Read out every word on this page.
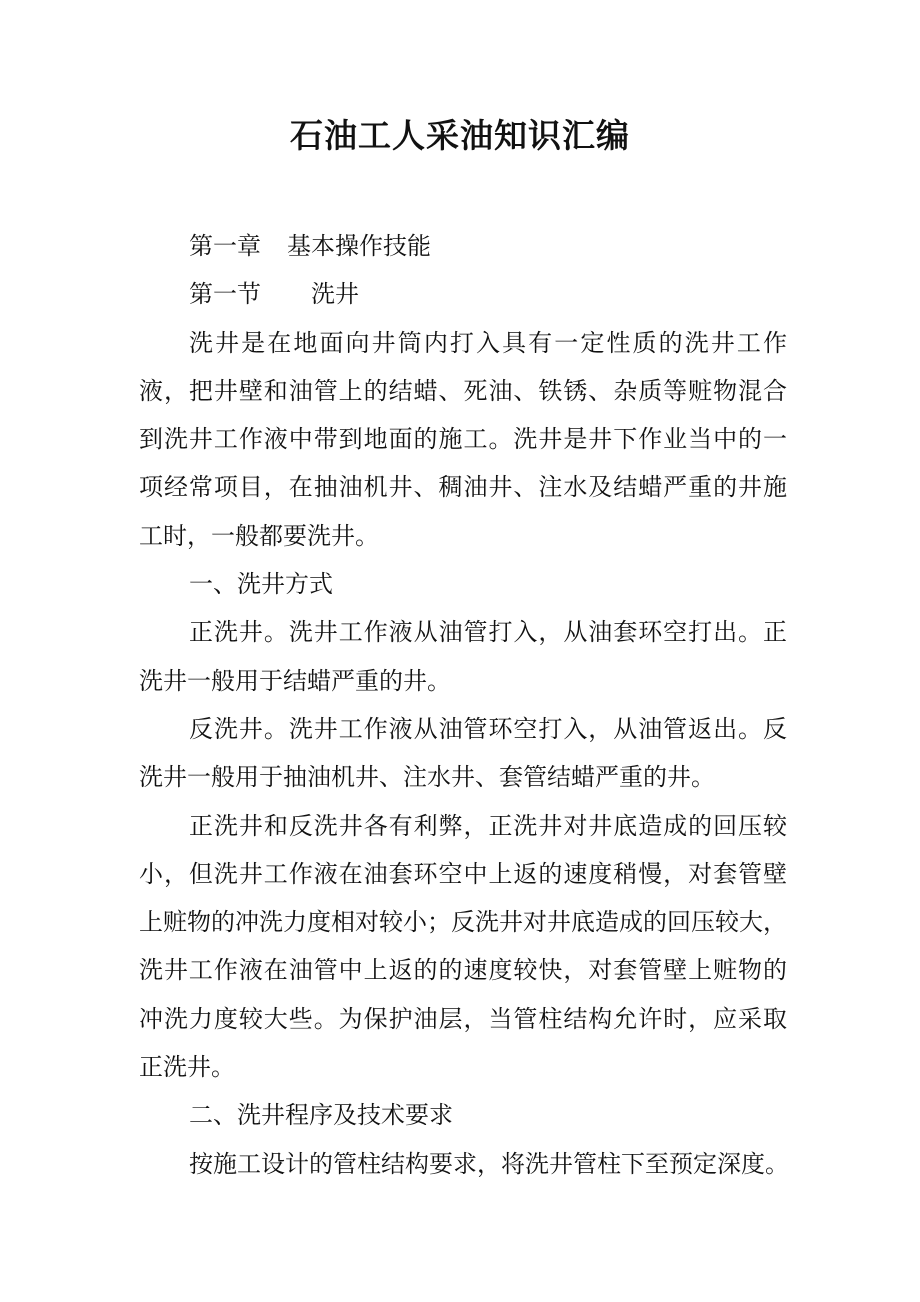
石油工人采油知识汇编

第一章 基本操作技能

第一节 洗井

洗井是在地面向井筒内打入具有一定性质的洗井工作

液，把井壁和油管上的结蜡、死油、铁锈、杂质等赃物混合

到洗井工作液中带到地面的施工。洗井是井下作业当中的一

项经常项目，在抽油机井、稠油井、注水及结蜡严重的井施

工时，一般都要洗井。

一、洗井方式

正洗井。洗井工作液从油管打入，从油套环空打出。正

洗井一般用于结蜡严重的井。

反洗井。洗井工作液从油管环空打入，从油管返出。反

洗井一般用于抽油机井、注水井、套管结蜡严重的井。

正洗井和反洗井各有利弊，正洗井对井底造成的回压较

小，但洗井工作液在油套环空中上返的速度稍慢，对套管壁

上赃物的冲洗力度相对较小；反洗井对井底造成的回压较大，

洗井工作液在油管中上返的的速度较快，对套管壁上赃物的

冲洗力度较大些。为保护油层，当管柱结构允许时，应采取

正洗井。

二、洗井程序及技术要求

按施工设计的管柱结构要求，将洗井管柱下至预定深度。
